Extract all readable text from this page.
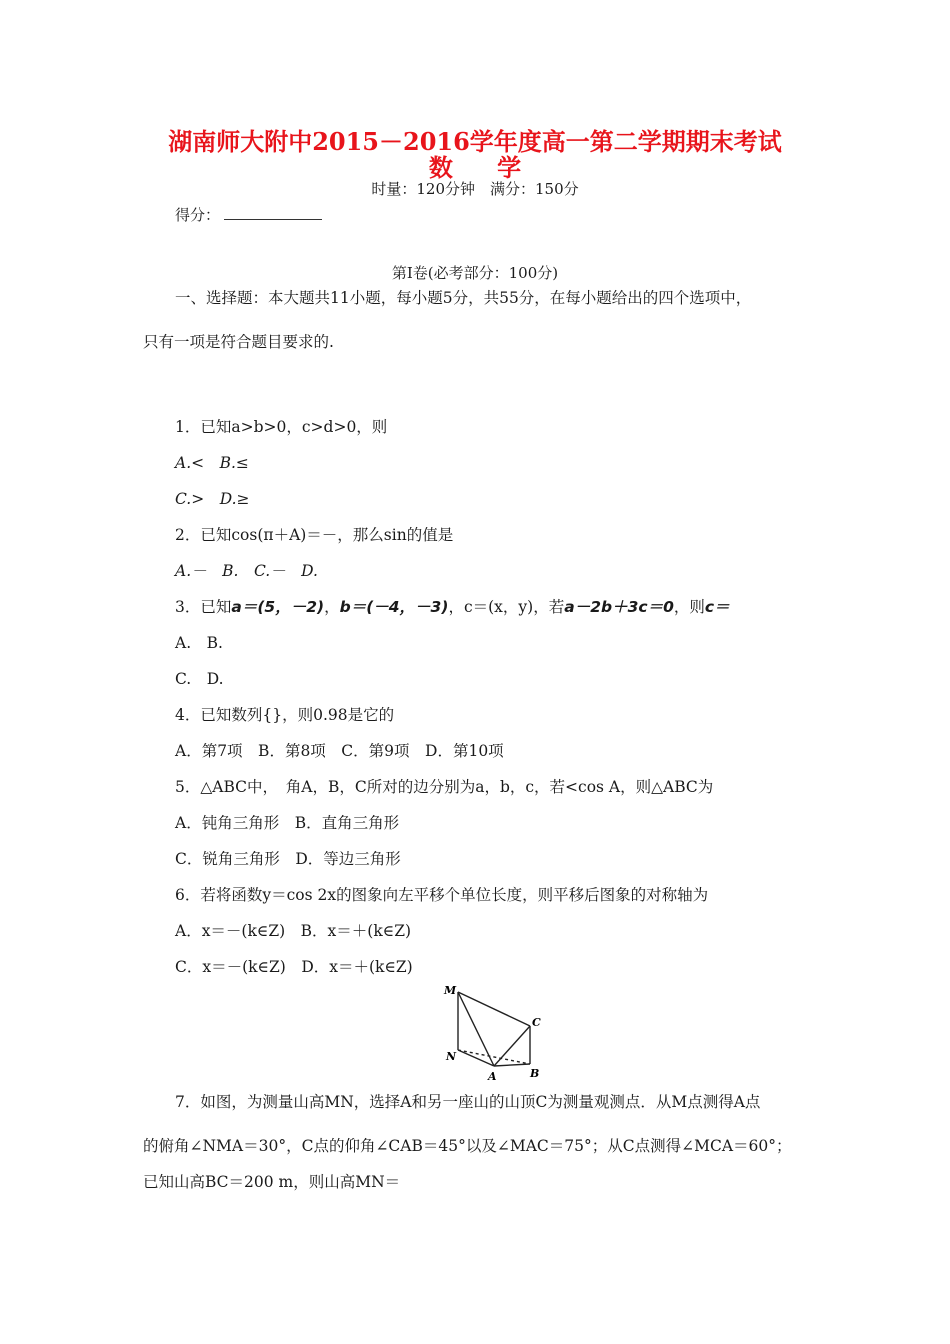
湖南师大附中2015－2016学年度高一第二学期期末考试
数 学
时量：120分钟　满分：150分
得分：
第Ⅰ卷(必考部分：100分)
一、选择题：本大题共11小题，每小题5分，共55分，在每小题给出的四个选项中，
只有一项是符合题目要求的.
1．已知a>b>0，c>d>0，则
A.<　B.≤
C.>　D.≥
2．已知cos(π＋A)＝－，那么sin的值是
A.－　B.　C.－　D.
3．已知a＝(5，－2)，b＝(－4，－3)，c＝(x，y)，若a－2b＋3c＝0，则c＝
A.　B.
C.　D.
4．已知数列{}，则0.98是它的
A．第7项　B．第8项　C．第9项　D．第10项
5．△ABC中，　角A，B，C所对的边分别为a，b，c，若<cos A，则△ABC为
A．钝角三角形　B．直角三角形
C．锐角三角形　D．等边三角形
6．若将函数y＝cos 2x的图象向左平移个单位长度，则平移后图象的对称轴为
A．x＝－(k∈Z)　B．x＝＋(k∈Z)
C．x＝－(k∈Z)　D．x＝＋(k∈Z)
M
C
N
A	B
7．如图，为测量山高MN，选择A和另一座山的山顶C为测量观测点．从M点测得A点
的俯角∠NMA＝30°，C点的仰角∠CAB＝45°以及∠MAC＝75°；从C点测得∠MCA＝60°；
已知山高BC＝200 m，则山高MN＝
